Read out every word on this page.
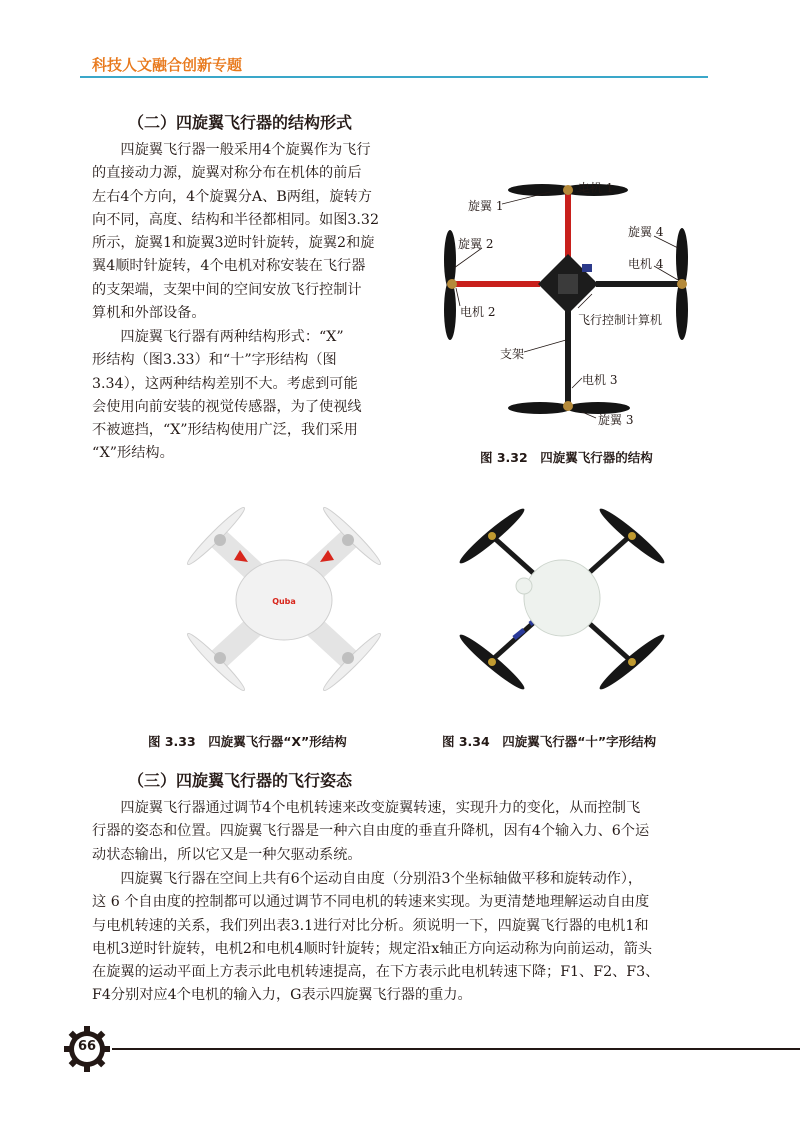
科技人文融合创新专题
（二）四旋翼飞行器的结构形式
四旋翼飞行器一般采用4个旋翼作为飞行
的直接动力源，旋翼对称分布在机体的前后
左右4个方向，4个旋翼分A、B两组，旋转方
向不同，高度、结构和半径都相同。如图3.32
所示，旋翼1和旋翼3逆时针旋转，旋翼2和旋
翼4顺时针旋转，4个电机对称安装在飞行器
的支架端，支架中间的空间安放飞行控制计
算机和外部设备。
四旋翼飞行器有两种结构形式：“X”
形结构（图3.33）和“十”字形结构（图
3.34），这两种结构差别不大。考虑到可能
会使用向前安装的视觉传感器，为了使视线
不被遮挡，“X”形结构使用广泛，我们采用
“X”形结构。
旋翼 1
电机 1
旋翼 2
旋翼 4
电机 4
电机 2
飞行控制计算机
支架
电机 3
旋翼 3
图 3.32　四旋翼飞行器的结构
Quba
图 3.33　四旋翼飞行器“X”形结构	图 3.34　四旋翼飞行器“十”字形结构
（三）四旋翼飞行器的飞行姿态
四旋翼飞行器通过调节4个电机转速来改变旋翼转速，实现升力的变化，从而控制飞
行器的姿态和位置。四旋翼飞行器是一种六自由度的垂直升降机，因有4个输入力、6个运
动状态输出，所以它又是一种欠驱动系统。
四旋翼飞行器在空间上共有6个运动自由度（分别沿3个坐标轴做平移和旋转动作），
这 6 个自由度的控制都可以通过调节不同电机的转速来实现。为更清楚地理解运动自由度
与电机转速的关系，我们列出表3.1进行对比分析。须说明一下，四旋翼飞行器的电机1和
电机3逆时针旋转，电机2和电机4顺时针旋转；规定沿x轴正方向运动称为向前运动，箭头
在旋翼的运动平面上方表示此电机转速提高，在下方表示此电机转速下降；F1、F2、F3、
F4分别对应4个电机的输入力，G表示四旋翼飞行器的重力。
66
